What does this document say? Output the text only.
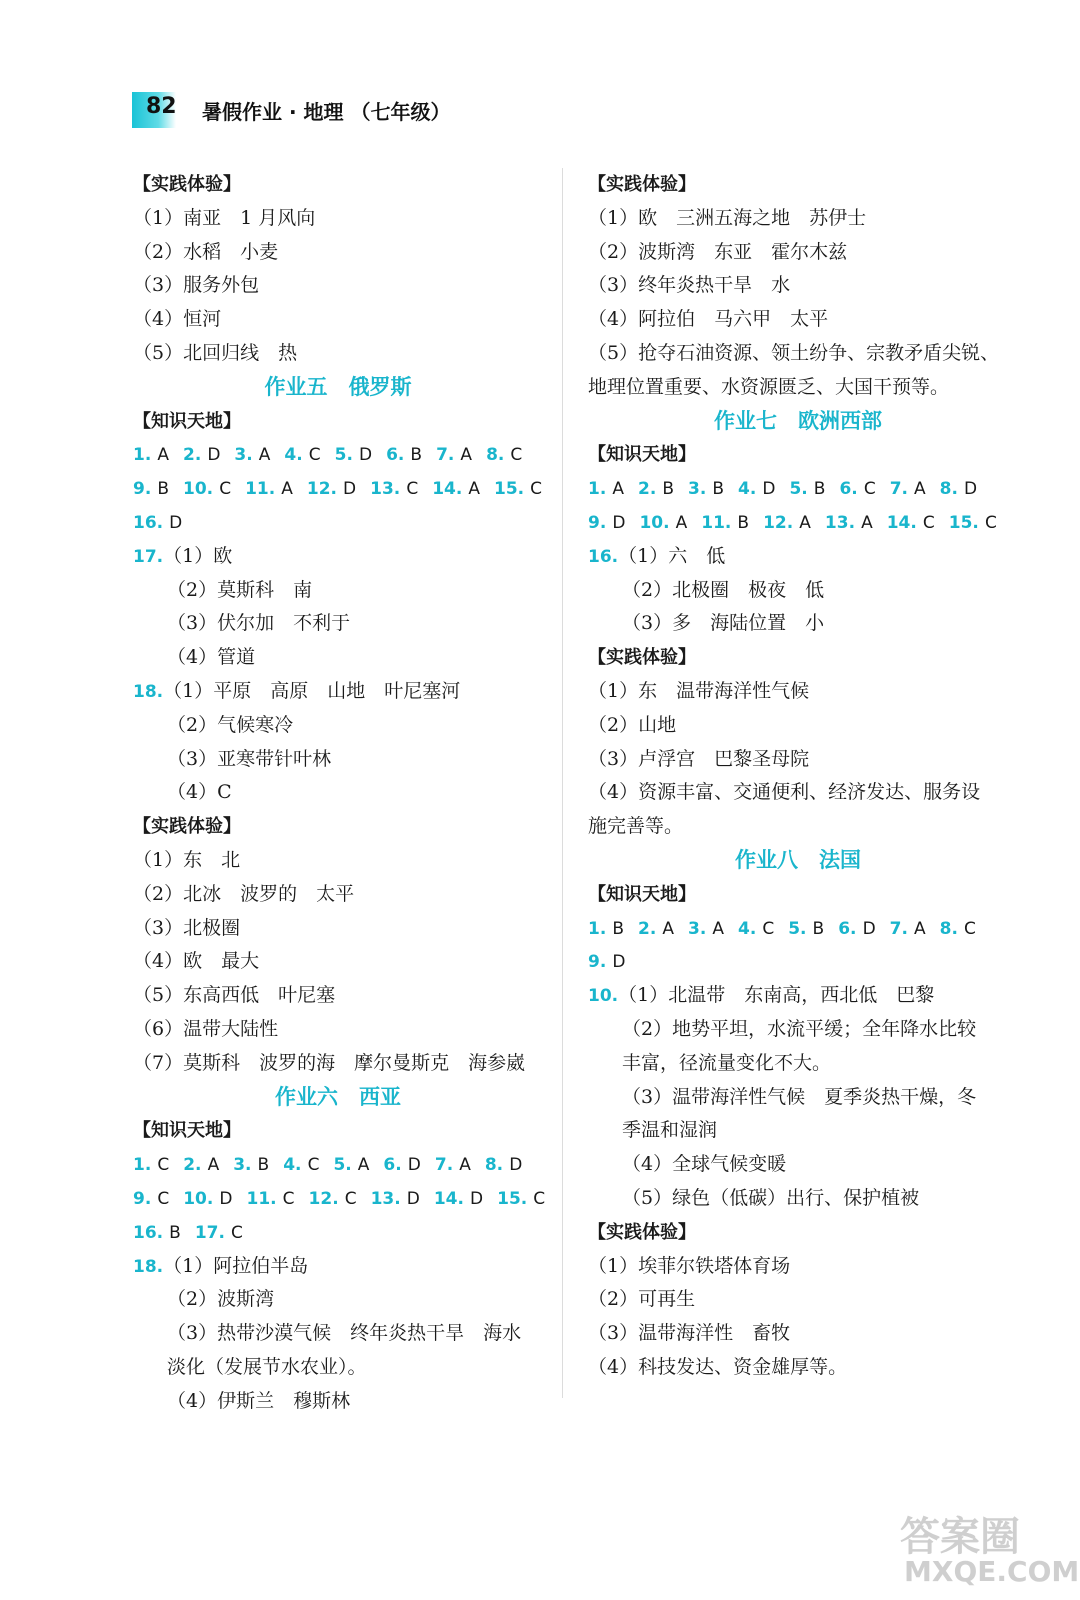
82 暑假作业 · 地理 （七年级）
【实践体验】
（1）南亚　1 月风向
（2）水稻　小麦
（3）服务外包
（4）恒河
（5）北回归线　热
作业五　俄罗斯
【知识天地】
1. A 2. D 3. A 4. C 5. D 6. B 7. A 8. C
9. B 10. C 11. A 12. D 13. C 14. A 15. C
16. D
17.（1）欧
（2）莫斯科　南
（3）伏尔加　不利于
（4）管道
18.（1）平原　高原　山地　叶尼塞河
（2）气候寒冷
（3）亚寒带针叶林
（4）C
【实践体验】
（1）东　北
（2）北冰　波罗的　太平
（3）北极圈
（4）欧　最大
（5）东高西低　叶尼塞
（6）温带大陆性
（7）莫斯科　波罗的海　摩尔曼斯克　海参崴
作业六　西亚
【知识天地】
1. C 2. A 3. B 4. C 5. A 6. D 7. A 8. D
9. C 10. D 11. C 12. C 13. D 14. D 15. C
16. B 17. C
18.（1）阿拉伯半岛
（2）波斯湾
（3）热带沙漠气候　终年炎热干旱　海水
淡化（发展节水农业）。
（4）伊斯兰　穆斯林
【实践体验】
（1）欧　三洲五海之地　苏伊士
（2）波斯湾　东亚　霍尔木兹
（3）终年炎热干旱　水
（4）阿拉伯　马六甲　太平
（5）抢夺石油资源、领土纷争、宗教矛盾尖锐、
地理位置重要、水资源匮乏、大国干预等。
作业七　欧洲西部
【知识天地】
1. A 2. B 3. B 4. D 5. B 6. C 7. A 8. D
9. D 10. A 11. B 12. A 13. A 14. C 15. C
16.（1）六　低
（2）北极圈　极夜　低
（3）多　海陆位置　小
【实践体验】
（1）东　温带海洋性气候
（2）山地
（3）卢浮宫　巴黎圣母院
（4）资源丰富、交通便利、经济发达、服务设
施完善等。
作业八　法国
【知识天地】
1. B 2. A 3. A 4. C 5. B 6. D 7. A 8. C
9. D
10.（1）北温带　东南高，西北低　巴黎
（2）地势平坦，水流平缓；全年降水比较
丰富，径流量变化不大。
（3）温带海洋性气候　夏季炎热干燥，冬
季温和湿润
（4）全球气候变暖
（5）绿色（低碳）出行、保护植被
【实践体验】
（1）埃菲尔铁塔体育场
（2）可再生
（3）温带海洋性　畜牧
（4）科技发达、资金雄厚等。
答案圈
MXQE.COM
